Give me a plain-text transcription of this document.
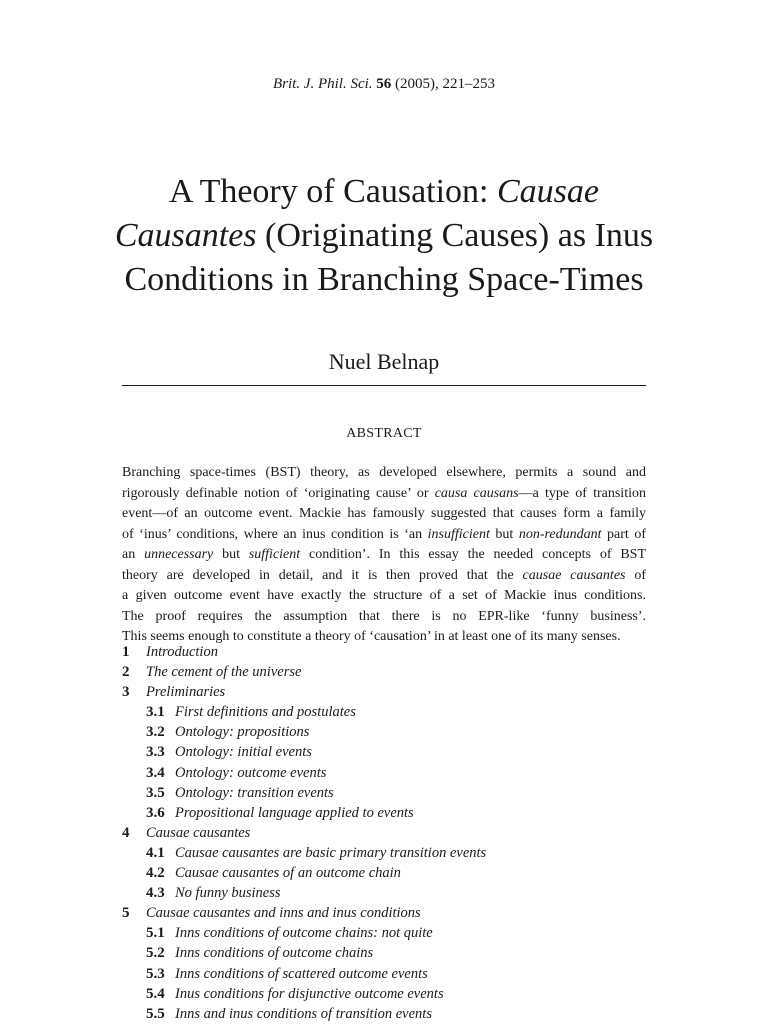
Brit. J. Phil. Sci. 56 (2005), 221–253
A Theory of Causation: Causae Causantes (Originating Causes) as Inus Conditions in Branching Space-Times
Nuel Belnap
ABSTRACT
Branching space-times (BST) theory, as developed elsewhere, permits a sound and
rigorously definable notion of ‘originating cause’ or causa causans—a type of transition
event—of an outcome event. Mackie has famously suggested that causes form a family
of ‘inus’ conditions, where an inus condition is ‘an insufficient but non-redundant part of
an unnecessary but sufficient condition’. In this essay the needed concepts of BST
theory are developed in detail, and it is then proved that the causae causantes of
a given outcome event have exactly the structure of a set of Mackie inus conditions.
The proof requires the assumption that there is no EPR-like ‘funny business’.
This seems enough to constitute a theory of ‘causation’ in at least one of its many senses.
1 Introduction
2 The cement of the universe
3 Preliminaries
3.1 First definitions and postulates
3.2 Ontology: propositions
3.3 Ontology: initial events
3.4 Ontology: outcome events
3.5 Ontology: transition events
3.6 Propositional language applied to events
4 Causae causantes
4.1 Causae causantes are basic primary transition events
4.2 Causae causantes of an outcome chain
4.3 No funny business
5 Causae causantes and inns and inus conditions
5.1 Inns conditions of outcome chains: not quite
5.2 Inns conditions of outcome chains
5.3 Inns conditions of scattered outcome events
5.4 Inus conditions for disjunctive outcome events
5.5 Inns and inus conditions of transition events
